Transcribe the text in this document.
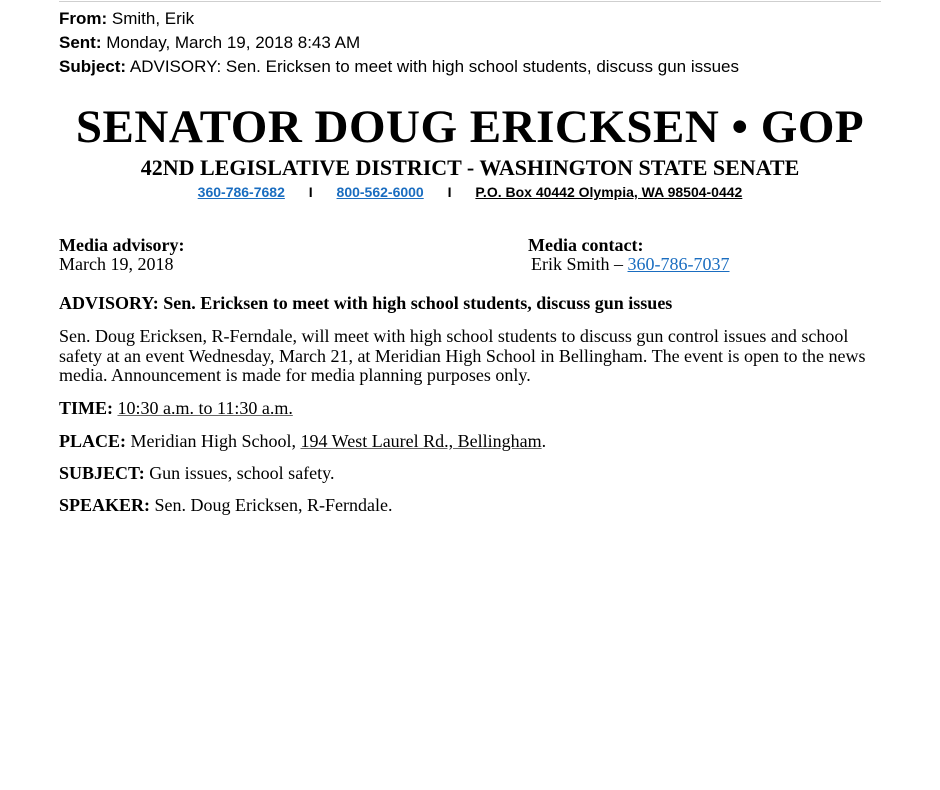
From: Smith, Erik
Sent: Monday, March 19, 2018 8:43 AM
Subject: ADVISORY: Sen. Ericksen to meet with high school students, discuss gun issues
SENATOR DOUG ERICKSEN • GOP
42ND LEGISLATIVE DISTRICT - WASHINGTON STATE SENATE
360-786-7682 I 800-562-6000 I P.O. Box 40442 Olympia, WA 98504-0442
Media advisory:
March 19, 2018
Media contact:
Erik Smith – 360-786-7037
ADVISORY: Sen. Ericksen to meet with high school students, discuss gun issues
Sen. Doug Ericksen, R-Ferndale, will meet with high school students to discuss gun control issues and school safety at an event Wednesday, March 21, at Meridian High School in Bellingham. The event is open to the news media. Announcement is made for media planning purposes only.
TIME: 10:30 a.m. to 11:30 a.m.
PLACE: Meridian High School, 194 West Laurel Rd., Bellingham.
SUBJECT: Gun issues, school safety.
SPEAKER: Sen. Doug Ericksen, R-Ferndale.
